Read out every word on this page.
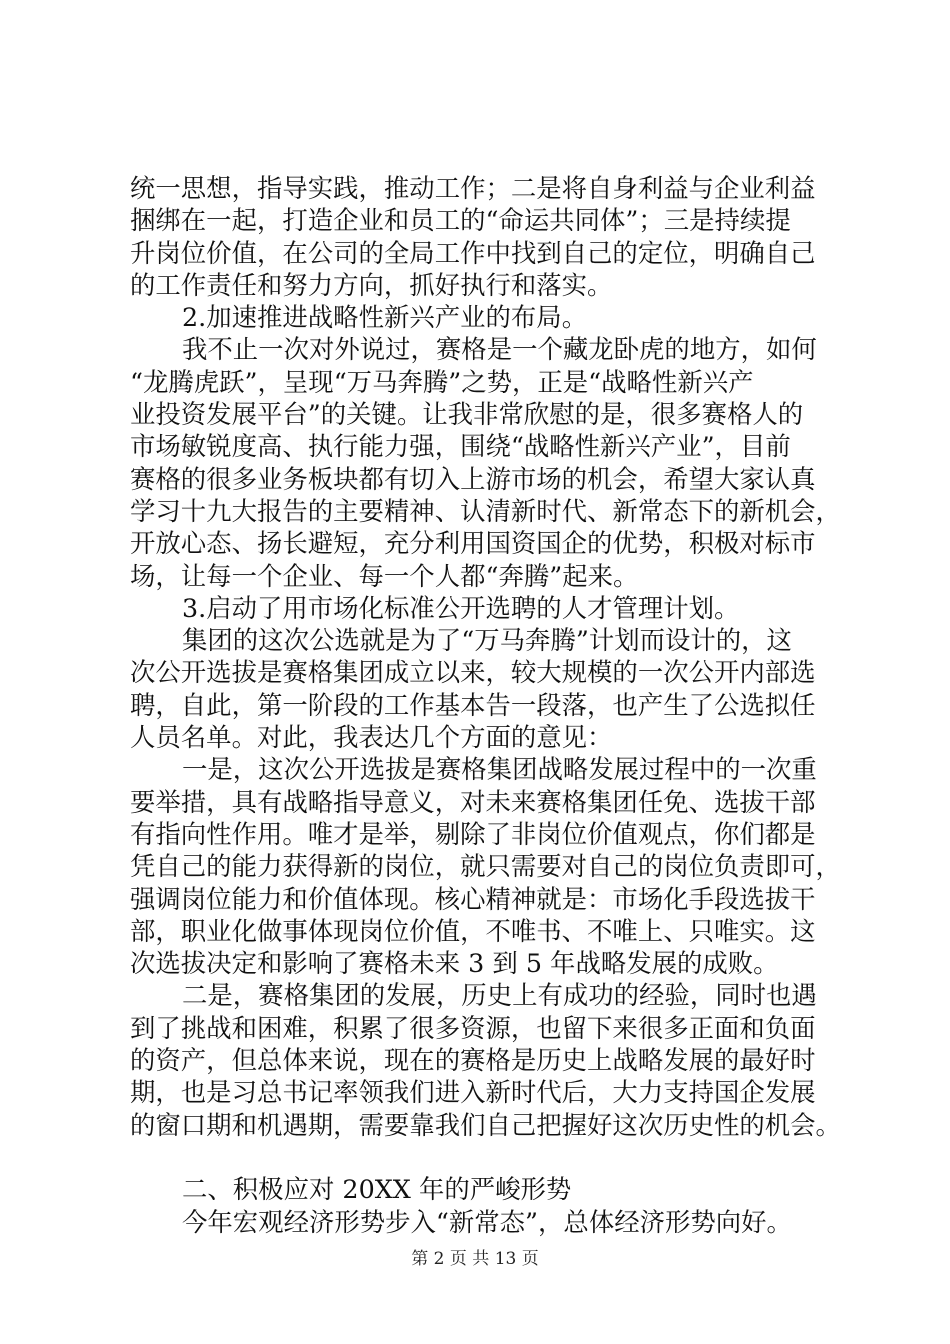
统一思想，指导实践，推动工作；二是将自身利益与企业利益
捆绑在一起，打造企业和员工的“命运共同体”；三是持续提
升岗位价值，在公司的全局工作中找到自己的定位，明确自己
的工作责任和努力方向，抓好执行和落实。
2.加速推进战略性新兴产业的布局。
我不止一次对外说过，赛格是一个藏龙卧虎的地方，如何
“龙腾虎跃”，呈现“万马奔腾”之势，正是“战略性新兴产
业投资发展平台”的关键。让我非常欣慰的是，很多赛格人的
市场敏锐度高、执行能力强，围绕“战略性新兴产业”，目前
赛格的很多业务板块都有切入上游市场的机会，希望大家认真
学习十九大报告的主要精神、认清新时代、新常态下的新机会，
开放心态、扬长避短，充分利用国资国企的优势，积极对标市
场，让每一个企业、每一个人都“奔腾”起来。
3.启动了用市场化标准公开选聘的人才管理计划。
集团的这次公选就是为了“万马奔腾”计划而设计的，这
次公开选拔是赛格集团成立以来，较大规模的一次公开内部选
聘，自此，第一阶段的工作基本告一段落，也产生了公选拟任
人员名单。对此，我表达几个方面的意见：
一是，这次公开选拔是赛格集团战略发展过程中的一次重
要举措，具有战略指导意义，对未来赛格集团任免、选拔干部
有指向性作用。唯才是举，剔除了非岗位价值观点，你们都是
凭自己的能力获得新的岗位，就只需要对自己的岗位负责即可，
强调岗位能力和价值体现。核心精神就是：市场化手段选拔干
部，职业化做事体现岗位价值，不唯书、不唯上、只唯实。这
次选拔决定和影响了赛格未来 3 到 5 年战略发展的成败。
二是，赛格集团的发展，历史上有成功的经验，同时也遇
到了挑战和困难，积累了很多资源，也留下来很多正面和负面
的资产，但总体来说，现在的赛格是历史上战略发展的最好时
期，也是习总书记率领我们进入新时代后，大力支持国企发展
的窗口期和机遇期，需要靠我们自己把握好这次历史性的机会。
二、积极应对 20XX 年的严峻形势
今年宏观经济形势步入“新常态”，总体经济形势向好。
第 2 页 共 13 页
